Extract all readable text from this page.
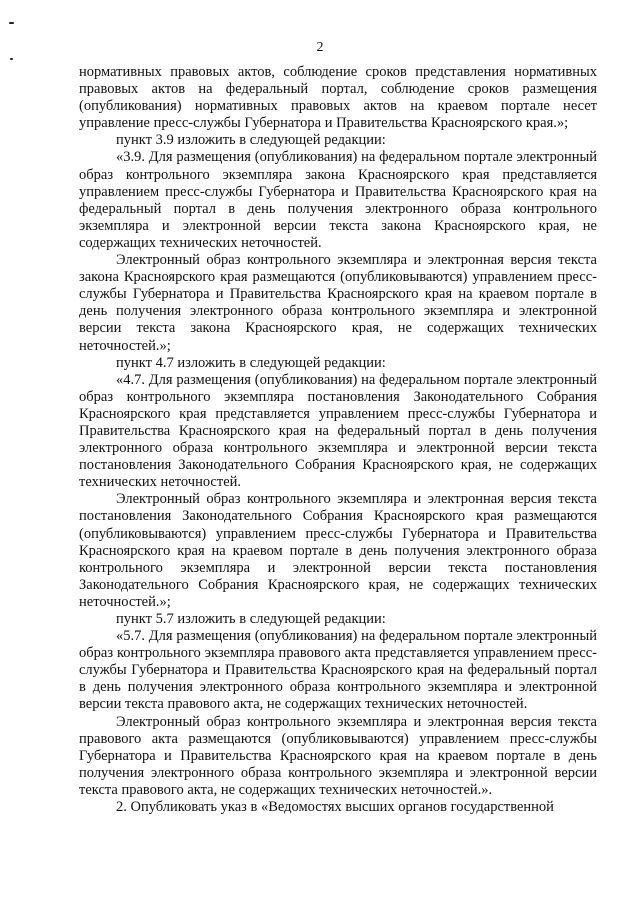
2

нормативных правовых актов, соблюдение сроков представления нормативных правовых актов на федеральный портал, соблюдение сроков размещения (опубликования) нормативных правовых актов на краевом портале несет управление пресс-службы Губернатора и Правительства Красноярского края.»;

пункт 3.9 изложить в следующей редакции:

«3.9. Для размещения (опубликования) на федеральном портале электронный образ контрольного экземпляра закона Красноярского края представляется управлением пресс-службы Губернатора и Правительства Красноярского края на федеральный портал в день получения электронного образа контрольного экземпляра и электронной версии текста закона Красноярского края, не содержащих технических неточностей.

Электронный образ контрольного экземпляра и электронная версия текста закона Красноярского края размещаются (опубликовываются) управлением пресс-службы Губернатора и Правительства Красноярского края на краевом портале в день получения электронного образа контрольного экземпляра и электронной версии текста закона Красноярского края, не содержащих технических неточностей.»;

пункт 4.7 изложить в следующей редакции:

«4.7. Для размещения (опубликования) на федеральном портале электронный образ контрольного экземпляра постановления Законодательного Собрания Красноярского края представляется управлением пресс-службы Губернатора и Правительства Красноярского края на федеральный портал в день получения электронного образа контрольного экземпляра и электронной версии текста постановления Законодательного Собрания Красноярского края, не содержащих технических неточностей.

Электронный образ контрольного экземпляра и электронная версия текста постановления Законодательного Собрания Красноярского края размещаются (опубликовываются) управлением пресс-службы Губернатора и Правительства Красноярского края на краевом портале в день получения электронного образа контрольного экземпляра и электронной версии текста постановления Законодательного Собрания Красноярского края, не содержащих технических неточностей.»;

пункт 5.7 изложить в следующей редакции:

«5.7. Для размещения (опубликования) на федеральном портале электронный образ контрольного экземпляра правового акта представляется управлением пресс-службы Губернатора и Правительства Красноярского края на федеральный портал в день получения электронного образа контрольного экземпляра и электронной версии текста правового акта, не содержащих технических неточностей.

Электронный образ контрольного экземпляра и электронная версия текста правового акта размещаются (опубликовываются) управлением пресс-службы Губернатора и Правительства Красноярского края на краевом портале в день получения электронного образа контрольного экземпляра и электронной версии текста правового акта, не содержащих технических неточностей.».

2. Опубликовать указ в «Ведомостях высших органов государственной
